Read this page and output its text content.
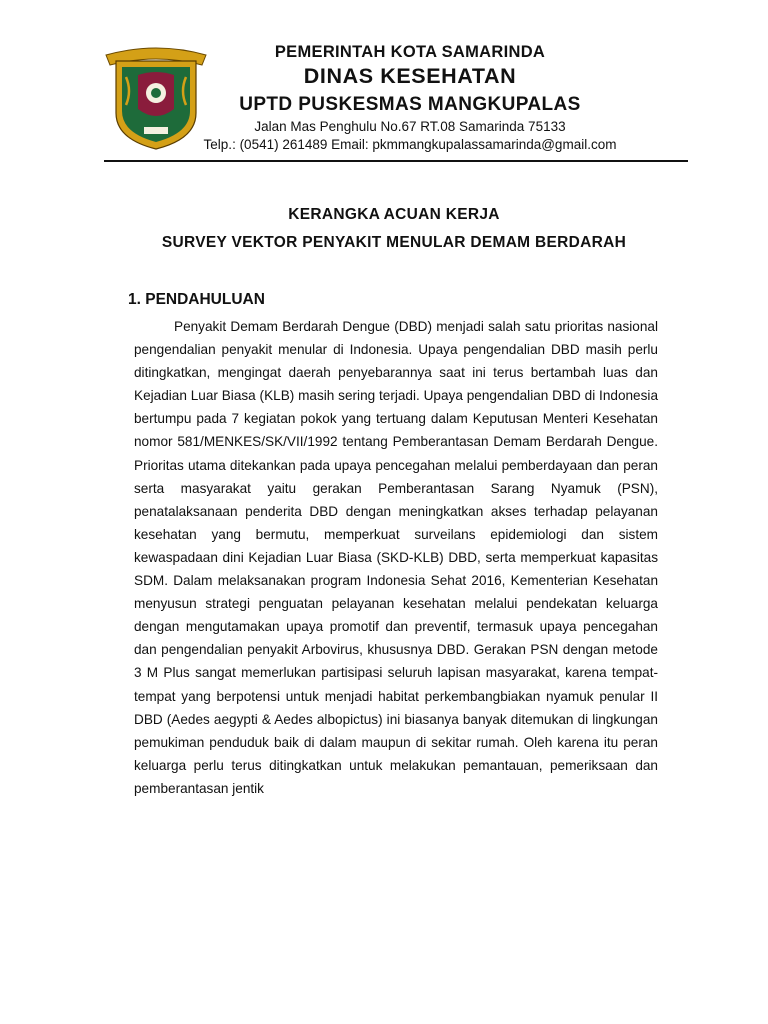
PEMERINTAH KOTA SAMARINDA
DINAS KESEHATAN
UPTD PUSKESMAS MANGKUPALAS
Jalan Mas Penghulu No.67 RT.08 Samarinda 75133
Telp.: (0541) 261489 Email: pkmmangkupalassamarinda@gmail.com
KERANGKA ACUAN KERJA
SURVEY VEKTOR PENYAKIT MENULAR DEMAM BERDARAH
1. PENDAHULUAN

Penyakit Demam Berdarah Dengue (DBD) menjadi salah satu prioritas nasional pengendalian penyakit menular di Indonesia. Upaya pengendalian DBD masih perlu ditingkatkan, mengingat daerah penyebarannya saat ini terus bertambah luas dan Kejadian Luar Biasa (KLB) masih sering terjadi. Upaya pengendalian DBD di Indonesia bertumpu pada 7 kegiatan pokok yang tertuang dalam Keputusan Menteri Kesehatan nomor 581/MENKES/SK/VII/1992 tentang Pemberantasan Demam Berdarah Dengue. Prioritas utama ditekankan pada upaya pencegahan melalui pemberdayaan dan peran serta masyarakat yaitu gerakan Pemberantasan Sarang Nyamuk (PSN), penatalaksanaan penderita DBD dengan meningkatkan akses terhadap pelayanan kesehatan yang bermutu, memperkuat surveilans epidemiologi dan sistem kewaspadaan dini Kejadian Luar Biasa (SKD-KLB) DBD, serta memperkuat kapasitas SDM. Dalam melaksanakan program Indonesia Sehat 2016, Kementerian Kesehatan menyusun strategi penguatan pelayanan kesehatan melalui pendekatan keluarga dengan mengutamakan upaya promotif dan preventif, termasuk upaya pencegahan dan pengendalian penyakit Arbovirus, khususnya DBD. Gerakan PSN dengan metode 3 M Plus sangat memerlukan partisipasi seluruh lapisan masyarakat, karena tempat-tempat yang berpotensi untuk menjadi habitat perkembangbiakan nyamuk penular II DBD (Aedes aegypti & Aedes albopictus) ini biasanya banyak ditemukan di lingkungan pemukiman penduduk baik di dalam maupun di sekitar rumah. Oleh karena itu peran keluarga perlu terus ditingkatkan untuk melakukan pemantauan, pemeriksaan dan pemberantasan jentik
